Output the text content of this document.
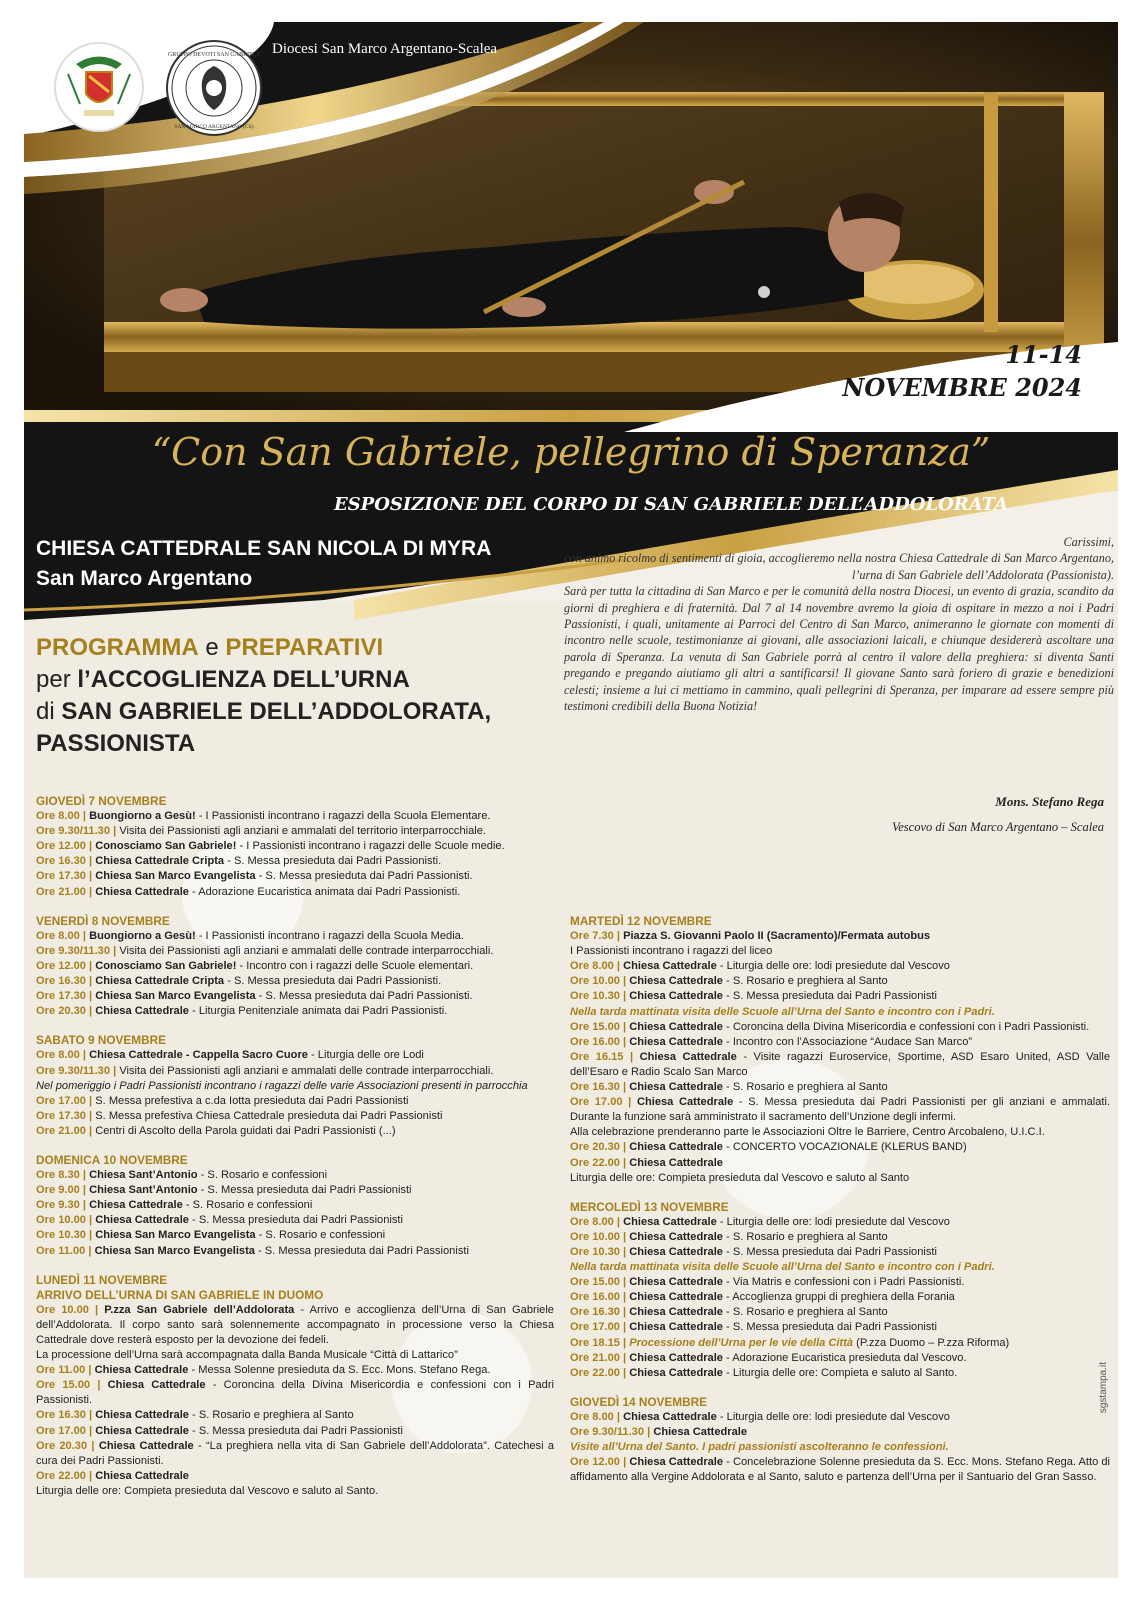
GRUPPO DEVOTI SAN GABRIELE
SAN MARCO ARGENTANO (CS)
Diocesi San Marco Argentano-Scalea
11-14
NOVEMBRE 2024
“Con San Gabriele, pellegrino di Speranza”
ESPOSIZIONE DEL CORPO DI SAN GABRIELE DELL’ADDOLORATA
CHIESA CATTEDRALE SAN NICOLA DI MYRA
San Marco Argentano
Carissimi,
con animo ricolmo di sentimenti di gioia, accoglieremo nella nostra Chiesa Cattedrale di San Marco Argentano, l’urna di San Gabriele dell’Addolorata (Passionista).
Sarà per tutta la cittadina di San Marco e per le comunità della nostra Diocesi, un evento di grazia, scandito da giorni di preghiera e di fraternità. Dal 7 al 14 novembre avremo la gioia di ospitare in mezzo a noi i Padri Passionisti, i quali, unitamente ai Parroci del Centro di San Marco, animeranno le giornate con momenti di incontro nelle scuole, testimonianze ai giovani, alle associazioni laicali, e chiunque desidererà ascoltare una parola di Speranza. La venuta di San Gabriele porrà al centro il valore della preghiera: si diventa Santi pregando e pregando aiutiamo gli altri a santificarsi! Il giovane Santo sarà foriero di grazie e benedizioni celesti; insieme a lui ci mettiamo in cammino, quali pellegrini di Speranza, per imparare ad essere sempre più testimoni credibili della Buona Notizia!
Mons. Stefano Rega
Vescovo di San Marco Argentano – Scalea
PROGRAMMA e PREPARATIVI
per l’ACCOGLIENZA DELL’URNA
di SAN GABRIELE DELL’ADDOLORATA,
PASSIONISTA
GIOVEDÌ 7 NOVEMBRE
Ore 8.00 | Buongiorno a Gesù! - I Passionisti incontrano i ragazzi della Scuola Elementare.
Ore 9.30/11.30 | Visita dei Passionisti agli anziani e ammalati del territorio interparrocchiale.
Ore 12.00 | Conosciamo San Gabriele! - I Passionisti incontrano i ragazzi delle Scuole medie.
Ore 16.30 | Chiesa Cattedrale Cripta - S. Messa presieduta dai Padri Passionisti.
Ore 17.30 | Chiesa San Marco Evangelista - S. Messa presieduta dai Padri Passionisti.
Ore 21.00 | Chiesa Cattedrale - Adorazione Eucaristica animata dai Padri Passionisti.
VENERDÌ 8 NOVEMBRE
Ore 8.00 | Buongiorno a Gesù! - I Passionisti incontrano i ragazzi della Scuola Media.
Ore 9.30/11.30 | Visita dei Passionisti agli anziani e ammalati delle contrade interparrocchiali.
Ore 12.00 | Conosciamo San Gabriele! - Incontro con i ragazzi delle Scuole elementari.
Ore 16.30 | Chiesa Cattedrale Cripta - S. Messa presieduta dai Padri Passionisti.
Ore 17.30 | Chiesa San Marco Evangelista - S. Messa presieduta dai Padri Passionisti.
Ore 20.30 | Chiesa Cattedrale - Liturgia Penitenziale animata dai Padri Passionisti.
SABATO 9 NOVEMBRE
Ore 8.00 | Chiesa Cattedrale - Cappella Sacro Cuore - Liturgia delle ore Lodi
Ore 9.30/11.30 | Visita dei Passionisti agli anziani e ammalati delle contrade interparrocchiali.
Nel pomeriggio i Padri Passionisti incontrano i ragazzi delle varie Associazioni presenti in parrocchia
Ore 17.00 | S. Messa prefestiva a c.da Iotta presieduta dai Padri Passionisti
Ore 17.30 | S. Messa prefestiva Chiesa Cattedrale presieduta dai Padri Passionisti
Ore 21.00 | Centri di Ascolto della Parola guidati dai Padri Passionisti (...)
DOMENICA 10 NOVEMBRE
Ore 8.30 | Chiesa Sant’Antonio - S. Rosario e confessioni
Ore 9.00 | Chiesa Sant’Antonio - S. Messa presieduta dai Padri Passionisti
Ore 9.30 | Chiesa Cattedrale - S. Rosario e confessioni
Ore 10.00 | Chiesa Cattedrale - S. Messa presieduta dai Padri Passionisti
Ore 10.30 | Chiesa San Marco Evangelista - S. Rosario e confessioni
Ore 11.00 | Chiesa San Marco Evangelista - S. Messa presieduta dai Padri Passionisti
LUNEDÌ 11 NOVEMBRE
ARRIVO DELL’URNA DI SAN GABRIELE IN DUOMO
Ore 10.00 | P.zza San Gabriele dell’Addolorata - Arrivo e accoglienza dell’Urna di San Gabriele dell’Addolorata. Il corpo santo sarà solennemente accompagnato in processione verso la Chiesa Cattedrale dove resterà esposto per la devozione dei fedeli.
La processione dell’Urna sarà accompagnata dalla Banda Musicale “Città di Lattarico”
Ore 11.00 | Chiesa Cattedrale - Messa Solenne presieduta da S. Ecc. Mons. Stefano Rega.
Ore 15.00 | Chiesa Cattedrale - Coroncina della Divina Misericordia e confessioni con i Padri Passionisti.
Ore 16.30 | Chiesa Cattedrale - S. Rosario e preghiera al Santo
Ore 17.00 | Chiesa Cattedrale - S. Messa presieduta dai Padri Passionisti
Ore 20.30 | Chiesa Cattedrale - “La preghiera nella vita di San Gabriele dell’Addolorata”. Catechesi a cura dei Padri Passionisti.
Ore 22.00 | Chiesa Cattedrale
Liturgia delle ore: Compieta presieduta dal Vescovo e saluto al Santo.
MARTEDÌ 12 NOVEMBRE
Ore 7.30 | Piazza S. Giovanni Paolo II (Sacramento)/Fermata autobus
I Passionisti incontrano i ragazzi del liceo
Ore 8.00 | Chiesa Cattedrale - Liturgia delle ore: lodi presiedute dal Vescovo
Ore 10.00 | Chiesa Cattedrale - S. Rosario e preghiera al Santo
Ore 10.30 | Chiesa Cattedrale - S. Messa presieduta dai Padri Passionisti
Nella tarda mattinata visita delle Scuole all’Urna del Santo e incontro con i Padri.
Ore 15.00 | Chiesa Cattedrale - Coroncina della Divina Misericordia e confessioni con i Padri Passionisti.
Ore 16.00 | Chiesa Cattedrale - Incontro con l’Associazione “Audace San Marco”
Ore 16.15 | Chiesa Cattedrale - Visite ragazzi Euroservice, Sportime, ASD Esaro United, ASD Valle dell’Esaro e Radio Scalo San Marco
Ore 16.30 | Chiesa Cattedrale - S. Rosario e preghiera al Santo
Ore 17.00 | Chiesa Cattedrale - S. Messa presieduta dai Padri Passionisti per gli anziani e ammalati. Durante la funzione sarà amministrato il sacramento dell’Unzione degli infermi.
Alla celebrazione prenderanno parte le Associazioni Oltre le Barriere, Centro Arcobaleno, U.I.C.I.
Ore 20.30 | Chiesa Cattedrale - CONCERTO VOCAZIONALE (KLERUS BAND)
Ore 22.00 | Chiesa Cattedrale
Liturgia delle ore: Compieta presieduta dal Vescovo e saluto al Santo
MERCOLEDÌ 13 NOVEMBRE
Ore 8.00 | Chiesa Cattedrale - Liturgia delle ore: lodi presiedute dal Vescovo
Ore 10.00 | Chiesa Cattedrale - S. Rosario e preghiera al Santo
Ore 10.30 | Chiesa Cattedrale - S. Messa presieduta dai Padri Passionisti
Nella tarda mattinata visita delle Scuole all’Urna del Santo e incontro con i Padri.
Ore 15.00 | Chiesa Cattedrale - Via Matris e confessioni con i Padri Passionisti.
Ore 16.00 | Chiesa Cattedrale - Accoglienza gruppi di preghiera della Forania
Ore 16.30 | Chiesa Cattedrale - S. Rosario e preghiera al Santo
Ore 17.00 | Chiesa Cattedrale - S. Messa presieduta dai Padri Passionisti
Ore 18.15 | Processione dell’Urna per le vie della Città (P.zza Duomo – P.zza Riforma)
Ore 21.00 | Chiesa Cattedrale - Adorazione Eucaristica presieduta dal Vescovo.
Ore 22.00 | Chiesa Cattedrale - Liturgia delle ore: Compieta e saluto al Santo.
GIOVEDÌ 14 NOVEMBRE
Ore 8.00 | Chiesa Cattedrale - Liturgia delle ore: lodi presiedute dal Vescovo
Ore 9.30/11.30 | Chiesa Cattedrale
Visite all’Urna del Santo. I padri passionisti ascolteranno le confessioni.
Ore 12.00 | Chiesa Cattedrale - Concelebrazione Solenne presieduta da S. Ecc. Mons. Stefano Rega. Atto di affidamento alla Vergine Addolorata e al Santo, saluto e partenza dell’Urna per il Santuario del Gran Sasso.
sgstampa.it
